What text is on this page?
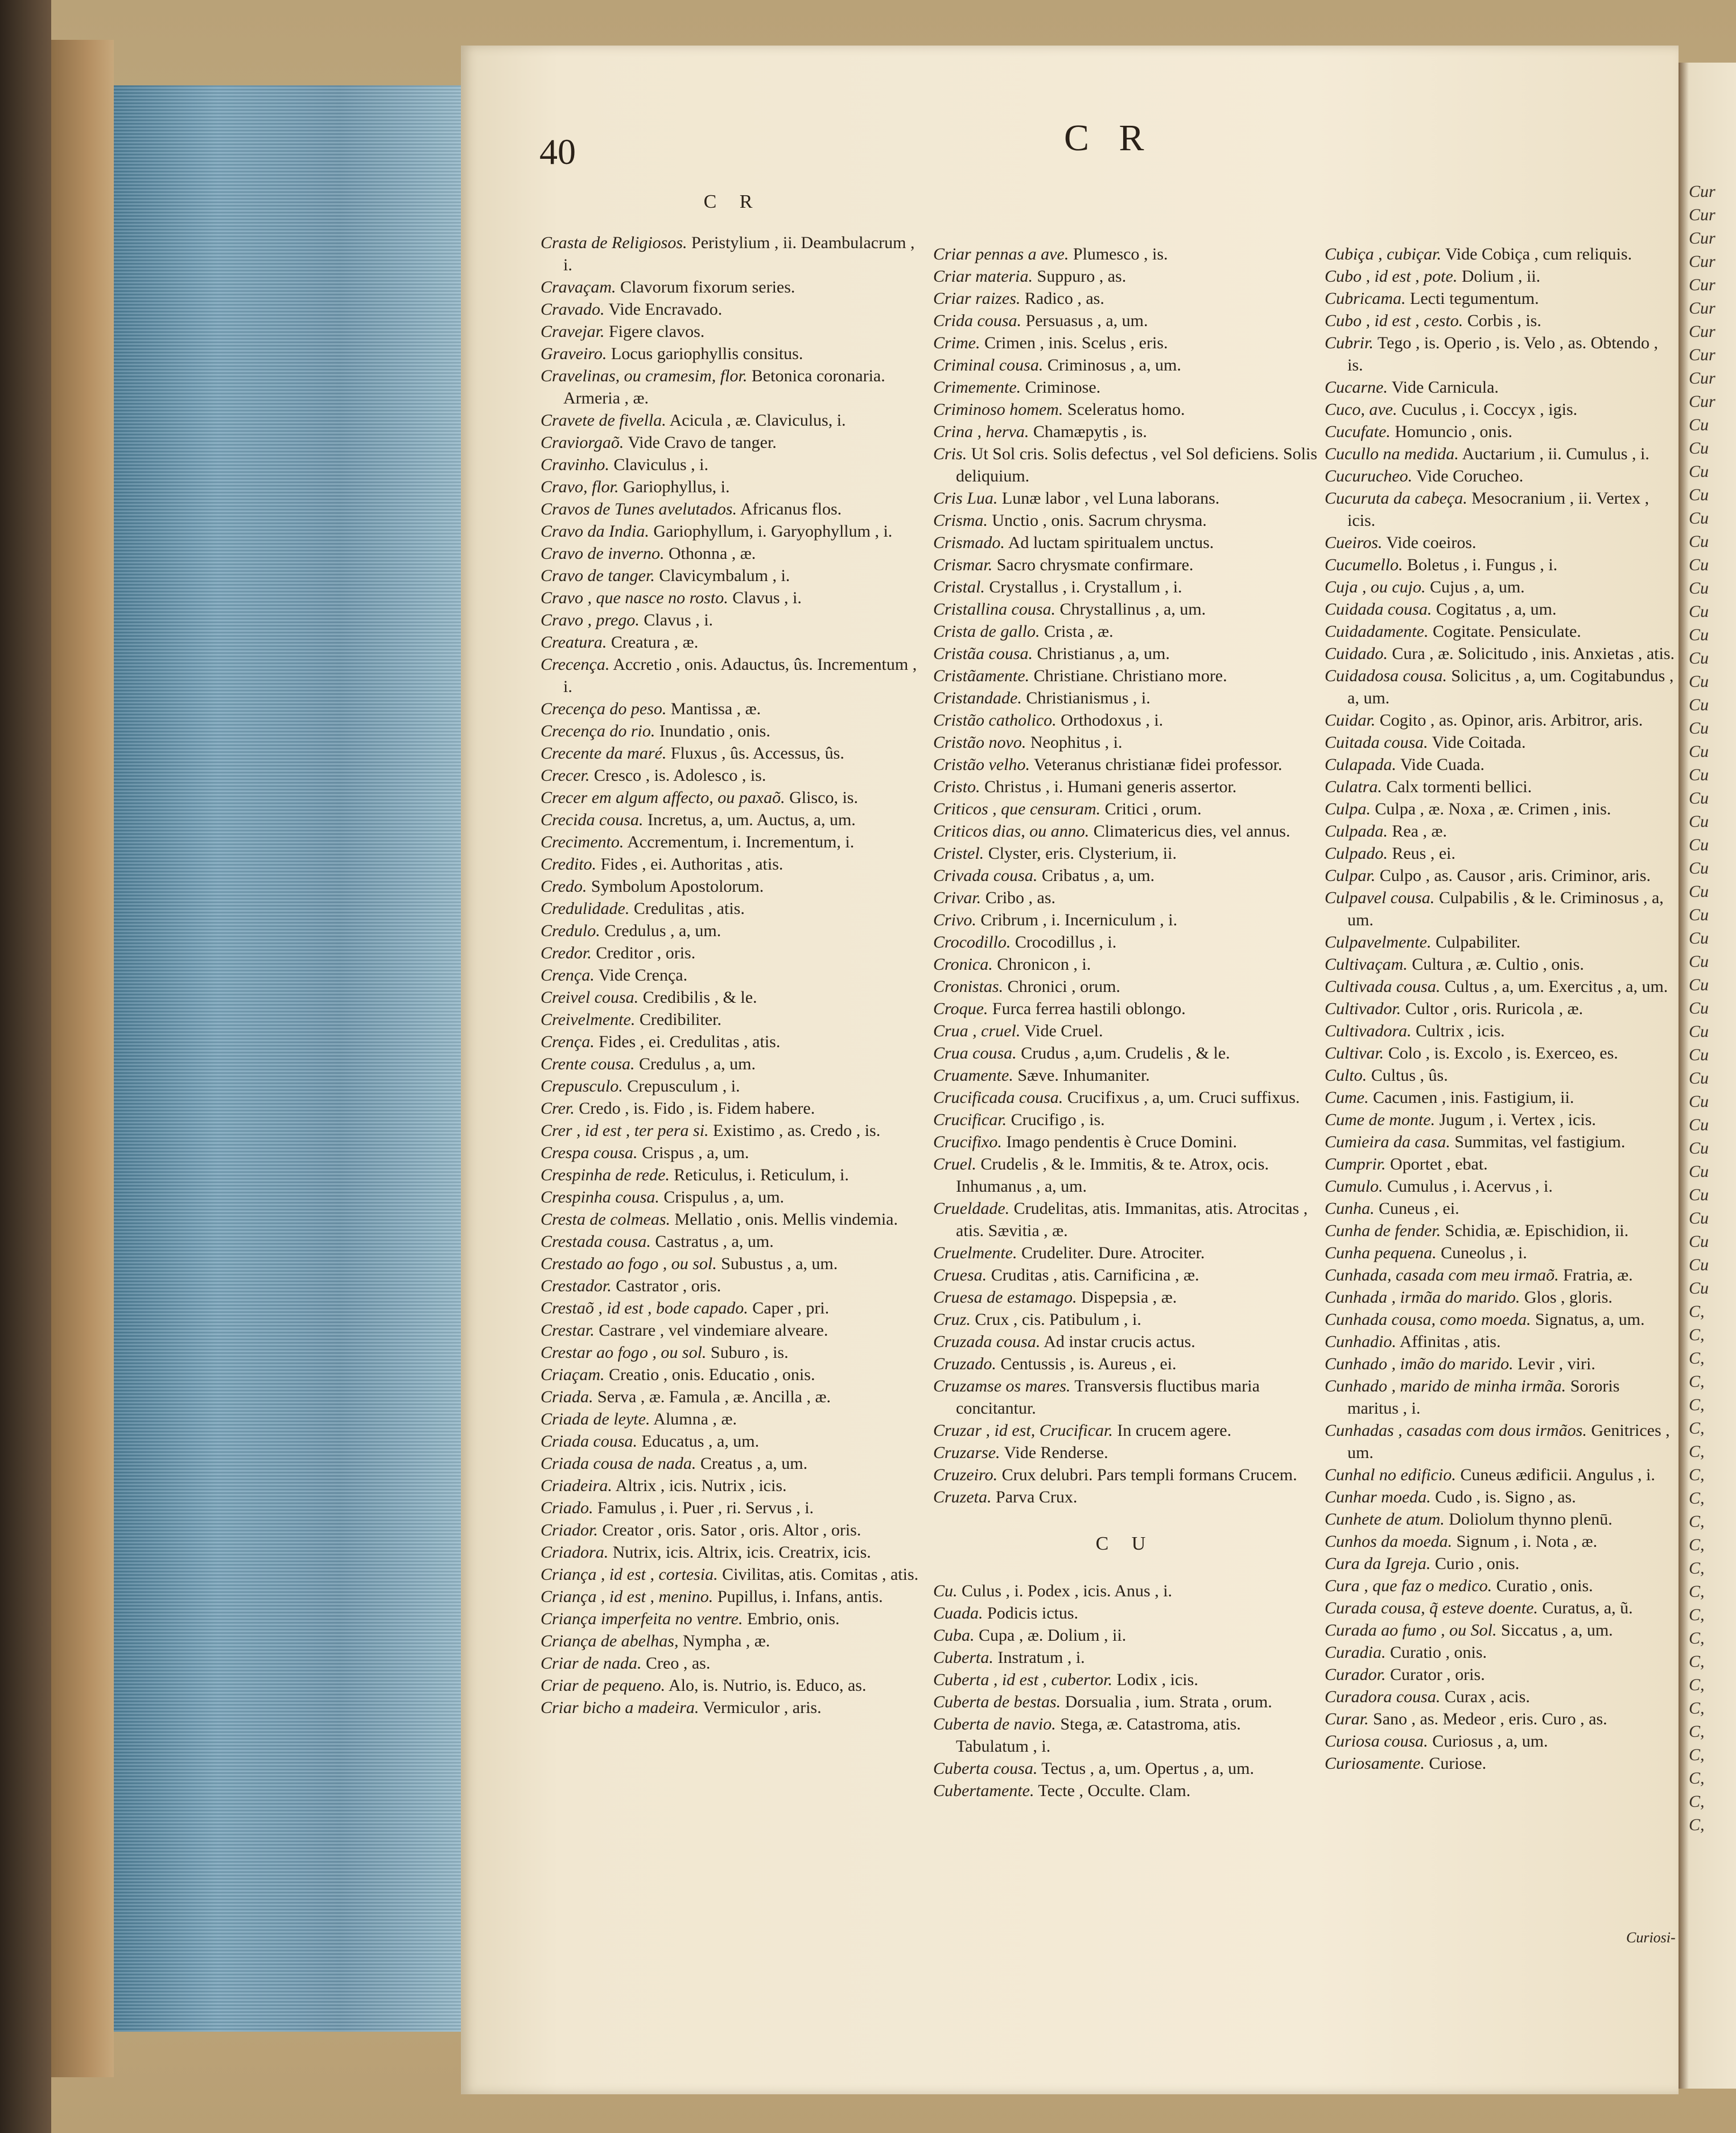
Cur
Cur
Cur
Cur
Cur
Cur
Cur
Cur
Cur
Cur
Cu
Cu
Cu
Cu
Cu
Cu
Cu
Cu
Cu
Cu
Cu
Cu
Cu
Cu
Cu
Cu
Cu
Cu
Cu
Cu
Cu
Cu
Cu
Cu
Cu
Cu
Cu
Cu
Cu
Cu
Cu
Cu
Cu
Cu
Cu
Cu
Cu
Cu
C,
C,
C,
C,
C,
C,
C,
C,
C,
C,
C,
C,
C,
C,
C,
C,
C,
C,
C,
C,
C,
C,
C,
40	C R
C R
Crasta de Religiosos. Peristylium , ii. Deambulacrum , i.
Cravaçam. Clavorum fixorum series.
Cravado. Vide Encravado.
Cravejar. Figere clavos.
Graveiro. Locus gariophyllis consitus.
Cravelinas, ou cramesim, flor. Betonica coronaria. Armeria , æ.
Cravete de fivella. Acicula , æ. Claviculus, i.
Craviorgaõ. Vide Cravo de tanger.
Cravinho. Claviculus , i.
Cravo, flor. Gariophyllus, i.
Cravos de Tunes avelutados. Africanus flos.
Cravo da India. Gariophyllum, i. Garyophyllum , i.
Cravo de inverno. Othonna , æ.
Cravo de tanger. Clavicymbalum , i.
Cravo , que nasce no rosto. Clavus , i.
Cravo , prego. Clavus , i.
Creatura. Creatura , æ.
Crecença. Accretio , onis. Adauctus, ûs. Incrementum , i.
Crecença do peso. Mantissa , æ.
Crecença do rio. Inundatio , onis.
Crecente da maré. Fluxus , ûs. Accessus, ûs.
Crecer. Cresco , is. Adolesco , is.
Crecer em algum affecto, ou paxaõ. Glisco, is.
Crecida cousa. Incretus, a, um. Auctus, a, um.
Crecimento. Accrementum, i. Incrementum, i.
Credito. Fides , ei. Authoritas , atis.
Credo. Symbolum Apostolorum.
Credulidade. Credulitas , atis.
Credulo. Credulus , a, um.
Credor. Creditor , oris.
Crença. Vide Crença.
Creivel cousa. Credibilis , & le.
Creivelmente. Credibiliter.
Crença. Fides , ei. Credulitas , atis.
Crente cousa. Credulus , a, um.
Crepusculo. Crepusculum , i.
Crer. Credo , is. Fido , is. Fidem habere.
Crer , id est , ter pera si. Existimo , as. Credo , is.
Crespa cousa. Crispus , a, um.
Crespinha de rede. Reticulus, i. Reticulum, i.
Crespinha cousa. Crispulus , a, um.
Cresta de colmeas. Mellatio , onis. Mellis vindemia.
Crestada cousa. Castratus , a, um.
Crestado ao fogo , ou sol. Subustus , a, um.
Crestador. Castrator , oris.
Crestaõ , id est , bode capado. Caper , pri.
Crestar. Castrare , vel vindemiare alveare.
Crestar ao fogo , ou sol. Suburo , is.
Criaçam. Creatio , onis. Educatio , onis.
Criada. Serva , æ. Famula , æ. Ancilla , æ.
Criada de leyte. Alumna , æ.
Criada cousa. Educatus , a, um.
Criada cousa de nada. Creatus , a, um.
Criadeira. Altrix , icis. Nutrix , icis.
Criado. Famulus , i. Puer , ri. Servus , i.
Criador. Creator , oris. Sator , oris. Altor , oris.
Criadora. Nutrix, icis. Altrix, icis. Creatrix, icis.
Criança , id est , cortesia. Civilitas, atis. Comitas , atis.
Criança , id est , menino. Pupillus, i. Infans, antis.
Criança imperfeita no ventre. Embrio, onis.
Criança de abelhas, Nympha , æ.
Criar de nada. Creo , as.
Criar de pequeno. Alo, is. Nutrio, is. Educo, as.
Criar bicho a madeira. Vermiculor , aris.
Criar pennas a ave. Plumesco , is.
Criar materia. Suppuro , as.
Criar raizes. Radico , as.
Crida cousa. Persuasus , a, um.
Crime. Crimen , inis. Scelus , eris.
Criminal cousa. Criminosus , a, um.
Crimemente. Criminose.
Criminoso homem. Sceleratus homo.
Crina , herva. Chamæpytis , is.
Cris. Ut Sol cris. Solis defectus , vel Sol deficiens. Solis deliquium.
Cris Lua. Lunæ labor , vel Luna laborans.
Crisma. Unctio , onis. Sacrum chrysma.
Crismado. Ad luctam spiritualem unctus.
Crismar. Sacro chrysmate confirmare.
Cristal. Crystallus , i. Crystallum , i.
Cristallina cousa. Chrystallinus , a, um.
Crista de gallo. Crista , æ.
Cristãa cousa. Christianus , a, um.
Cristãamente. Christiane. Christiano more.
Cristandade. Christianismus , i.
Cristão catholico. Orthodoxus , i.
Cristão novo. Neophitus , i.
Cristão velho. Veteranus christianæ fidei professor.
Cristo. Christus , i. Humani generis assertor.
Criticos , que censuram. Critici , orum.
Criticos dias, ou anno. Climatericus dies, vel annus.
Cristel. Clyster, eris. Clysterium, ii.
Crivada cousa. Cribatus , a, um.
Crivar. Cribo , as.
Crivo. Cribrum , i. Incerniculum , i.
Crocodillo. Crocodillus , i.
Cronica. Chronicon , i.
Cronistas. Chronici , orum.
Croque. Furca ferrea hastili oblongo.
Crua , cruel. Vide Cruel.
Crua cousa. Crudus , a,um. Crudelis , & le.
Cruamente. Sæve. Inhumaniter.
Crucificada cousa. Crucifixus , a, um. Cruci suffixus.
Crucificar. Crucifigo , is.
Crucifixo. Imago pendentis è Cruce Domini.
Cruel. Crudelis , & le. Immitis, & te. Atrox, ocis. Inhumanus , a, um.
Crueldade. Crudelitas, atis. Immanitas, atis. Atrocitas , atis. Sævitia , æ.
Cruelmente. Crudeliter. Dure. Atrociter.
Cruesa. Cruditas , atis. Carnificina , æ.
Cruesa de estamago. Dispepsia , æ.
Cruz. Crux , cis. Patibulum , i.
Cruzada cousa. Ad instar crucis actus.
Cruzado. Centussis , is. Aureus , ei.
Cruzamse os mares. Transversis fluctibus maria concitantur.
Cruzar , id est, Crucificar. In crucem agere.
Cruzarse. Vide Renderse.
Cruzeiro. Crux delubri. Pars templi formans Crucem.
Cruzeta. Parva Crux.
C U
Cu. Culus , i. Podex , icis. Anus , i.
Cuada. Podicis ictus.
Cuba. Cupa , æ. Dolium , ii.
Cuberta. Instratum , i.
Cuberta , id est , cubertor. Lodix , icis.
Cuberta de bestas. Dorsualia , ium. Strata , orum.
Cuberta de navio. Stega, æ. Catastroma, atis. Tabulatum , i.
Cuberta cousa. Tectus , a, um. Opertus , a, um.
Cubertamente. Tecte , Occulte. Clam.
Cubiça , cubiçar. Vide Cobiça , cum reliquis.
Cubo , id est , pote. Dolium , ii.
Cubricama. Lecti tegumentum.
Cubo , id est , cesto. Corbis , is.
Cubrir. Tego , is. Operio , is. Velo , as. Obtendo , is.
Cucarne. Vide Carnicula.
Cuco, ave. Cuculus , i. Coccyx , igis.
Cucufate. Homuncio , onis.
Cucullo na medida. Auctarium , ii. Cumulus , i.
Cucurucheo. Vide Corucheo.
Cucuruta da cabeça. Mesocranium , ii. Vertex , icis.
Cueiros. Vide coeiros.
Cucumello. Boletus , i. Fungus , i.
Cuja , ou cujo. Cujus , a, um.
Cuidada cousa. Cogitatus , a, um.
Cuidadamente. Cogitate. Pensiculate.
Cuidado. Cura , æ. Solicitudo , inis. Anxietas , atis.
Cuidadosa cousa. Solicitus , a, um. Cogitabundus , a, um.
Cuidar. Cogito , as. Opinor, aris. Arbitror, aris.
Cuitada cousa. Vide Coitada.
Culapada. Vide Cuada.
Culatra. Calx tormenti bellici.
Culpa. Culpa , æ. Noxa , æ. Crimen , inis.
Culpada. Rea , æ.
Culpado. Reus , ei.
Culpar. Culpo , as. Causor , aris. Criminor, aris.
Culpavel cousa. Culpabilis , & le. Criminosus , a, um.
Culpavelmente. Culpabiliter.
Cultivaçam. Cultura , æ. Cultio , onis.
Cultivada cousa. Cultus , a, um. Exercitus , a, um.
Cultivador. Cultor , oris. Ruricola , æ.
Cultivadora. Cultrix , icis.
Cultivar. Colo , is. Excolo , is. Exerceo, es.
Culto. Cultus , ûs.
Cume. Cacumen , inis. Fastigium, ii.
Cume de monte. Jugum , i. Vertex , icis.
Cumieira da casa. Summitas, vel fastigium.
Cumprir. Oportet , ebat.
Cumulo. Cumulus , i. Acervus , i.
Cunha. Cuneus , ei.
Cunha de fender. Schidia, æ. Epischidion, ii.
Cunha pequena. Cuneolus , i.
Cunhada, casada com meu irmaõ. Fratria, æ.
Cunhada , irmãa do marido. Glos , gloris.
Cunhada cousa, como moeda. Signatus, a, um.
Cunhadio. Affinitas , atis.
Cunhado , imão do marido. Levir , viri.
Cunhado , marido de minha irmãa. Sororis maritus , i.
Cunhadas , casadas com dous irmãos. Genitrices , um.
Cunhal no edificio. Cuneus ædificii. Angulus , i.
Cunhar moeda. Cudo , is. Signo , as.
Cunhete de atum. Doliolum thynno plenū.
Cunhos da moeda. Signum , i. Nota , æ.
Cura da Igreja. Curio , onis.
Cura , que faz o medico. Curatio , onis.
Curada cousa, q̃ esteve doente. Curatus, a, ũ.
Curada ao fumo , ou Sol. Siccatus , a, um.
Curadia. Curatio , onis.
Curador. Curator , oris.
Curadora cousa. Curax , acis.
Curar. Sano , as. Medeor , eris. Curo , as.
Curiosa cousa. Curiosus , a, um.
Curiosamente. Curiose.
Curiosi-
